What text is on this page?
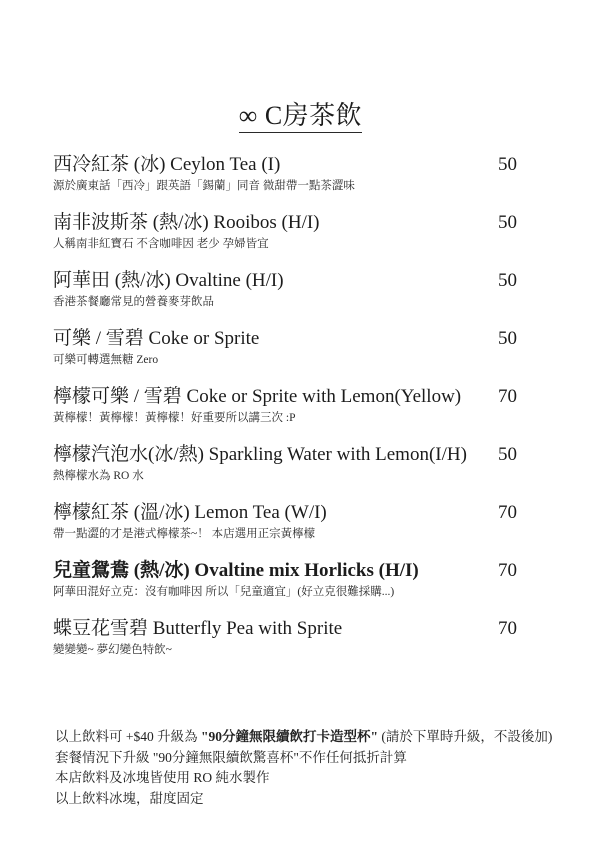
∞ C房茶飲
西冷紅茶 (冰) Ceylon Tea (I)	50
源於廣東話「西冷」跟英語「錫蘭」同音 微甜帶一點茶澀味
南非波斯茶 (熱/冰) Rooibos (H/I)	50
人稱南非紅寶石 不含咖啡因 老少 孕婦皆宜
阿華田 (熱/冰) Ovaltine (H/I)	50
香港茶餐廳常見的營養麥芽飲品
可樂 / 雪碧 Coke or Sprite	50
可樂可轉選無糖 Zero
檸檬可樂 / 雪碧 Coke or Sprite with Lemon(Yellow)	70
黃檸檬！黃檸檬！黃檸檬！好重要所以講三次 :P
檸檬汽泡水(冰/熱) Sparkling Water with Lemon(I/H)	50
熱檸檬水為 RO 水
檸檬紅茶 (溫/冰) Lemon Tea (W/I)	70
帶一點澀的才是港式檸檬茶~！ 本店選用正宗黃檸檬
兒童鴛鴦 (熱/冰) Ovaltine mix Horlicks (H/I)	70
阿華田混好立克：沒有咖啡因 所以「兒童適宜」(好立克很難採購...)
蝶豆花雪碧 Butterfly Pea with Sprite	70
變變變~ 夢幻變色特飲~
以上飲料可 +$40 升級為 "90分鐘無限續飲打卡造型杯" (請於下單時升級，不設後加)
套餐情況下升級 "90分鐘無限續飲驚喜杯"不作任何抵折計算
本店飲料及冰塊皆使用 RO 純水製作
以上飲料冰塊，甜度固定
